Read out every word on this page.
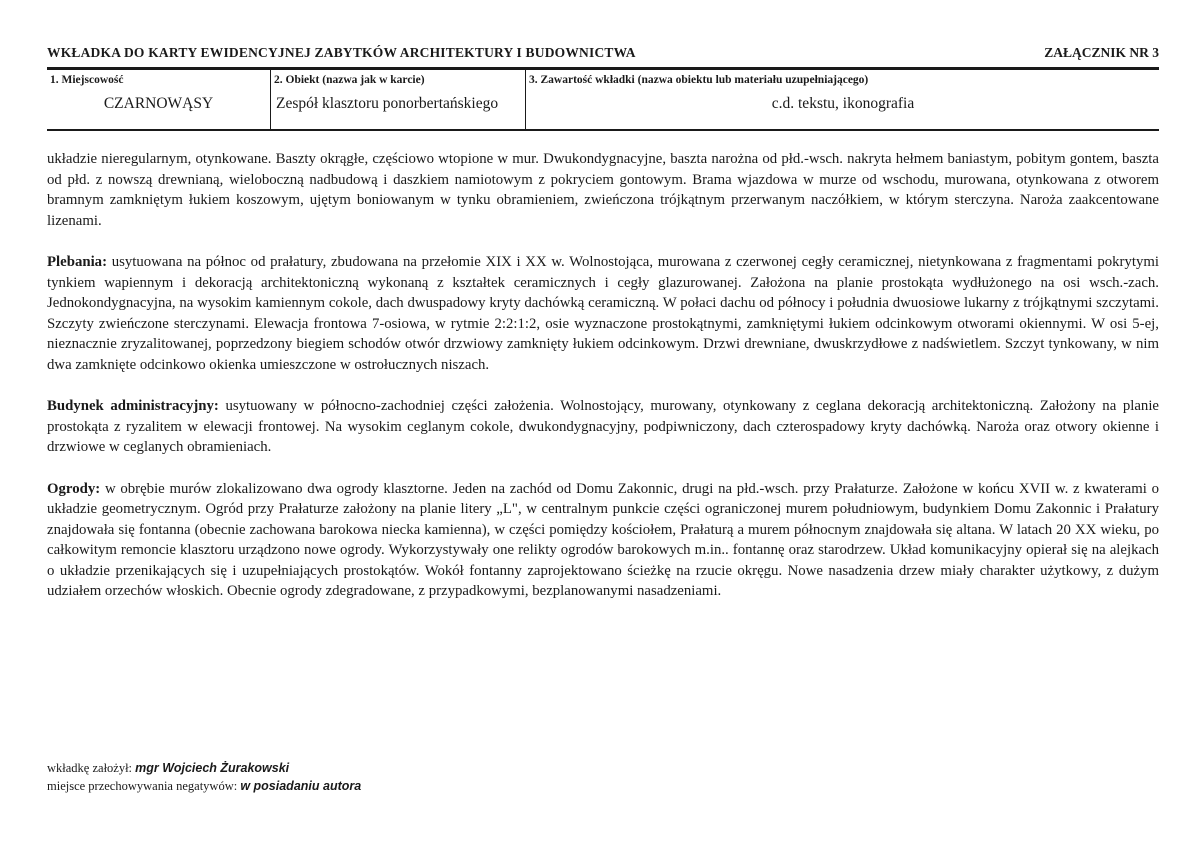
WKŁADKA DO KARTY EWIDENCYJNEJ ZABYTKÓW ARCHITEKTURY I BUDOWNICTWA	ZAŁĄCZNIK NR 3
1. Miejscowość
CZARNOWĄSY
2. Obiekt (nazwa jak w karcie)
Zespół klasztoru ponorbertańskiego
3. Zawartość wkładki (nazwa obiektu lub materiału uzupełniającego)
c.d. tekstu, ikonografia

układzie nieregularnym, otynkowane. Baszty okrągłe, częściowo wtopione w mur. Dwukondygnacyjne, baszta narożna od płd.-wsch. nakryta hełmem baniastym, pobitym gontem, baszta od płd. z nowszą drewnianą, wieloboczną nadbudową i daszkiem namiotowym z pokryciem gontowym. Brama wjazdowa w murze od wschodu, murowana, otynkowana z otworem bramnym zamkniętym łukiem koszowym, ujętym boniowanym w tynku obramieniem, zwieńczona trójkątnym przerwanym naczółkiem, w którym sterczyna. Naroża zaakcentowane lizenami.

Plebania: usytuowana na północ od prałatury, zbudowana na przełomie XIX i XX w. Wolnostojąca, murowana z czerwonej cegły ceramicznej, nietynkowana z fragmentami pokrytymi tynkiem wapiennym i dekoracją architektoniczną wykonaną z kształtek ceramicznych i cegły glazurowanej. Założona na planie prostokąta wydłużonego na osi wsch.-zach. Jednokondygnacyjna, na wysokim kamiennym cokole, dach dwuspadowy kryty dachówką ceramiczną. W połaci dachu od północy i południa dwuosiowe lukarny z trójkątnymi szczytami. Szczyty zwieńczone sterczynami. Elewacja frontowa 7-osiowa, w rytmie 2:2:1:2, osie wyznaczone prostokątnymi, zamkniętymi łukiem odcinkowym otworami okiennymi. W osi 5-ej, nieznacznie zryzalitowanej, poprzedzony biegiem schodów otwór drzwiowy zamknięty łukiem odcinkowym. Drzwi drewniane, dwuskrzydłowe z nadświetlem. Szczyt tynkowany, w nim dwa zamknięte odcinkowo okienka umieszczone w ostrołucznych niszach.

Budynek administracyjny: usytuowany w północno-zachodniej części założenia. Wolnostojący, murowany, otynkowany z ceglana dekoracją architektoniczną. Założony na planie prostokąta z ryzalitem w elewacji frontowej. Na wysokim ceglanym cokole, dwukondygnacyjny, podpiwniczony, dach czterospadowy kryty dachówką. Naroża oraz otwory okienne i drzwiowe w ceglanych obramieniach.

Ogrody: w obrębie murów zlokalizowano dwa ogrody klasztorne. Jeden na zachód od Domu Zakonnic, drugi na płd.-wsch. przy Prałaturze. Założone w końcu XVII w. z kwaterami o układzie geometrycznym. Ogród przy Prałaturze założony na planie litery „L", w centralnym punkcie części ograniczonej murem południowym, budynkiem Domu Zakonnic i Prałatury znajdowała się fontanna (obecnie zachowana barokowa niecka kamienna), w części pomiędzy kościołem, Prałaturą a murem północnym znajdowała się altana. W latach 20 XX wieku, po całkowitym remoncie klasztoru urządzono nowe ogrody. Wykorzystywały one relikty ogrodów barokowych m.in.. fontannę oraz starodrzew. Układ komunikacyjny opierał się na alejkach o układzie przenikających się i uzupełniających prostokątów. Wokół fontanny zaprojektowano ścieżkę na rzucie okręgu. Nowe nasadzenia drzew miały charakter użytkowy, z dużym udziałem orzechów włoskich. Obecnie ogrody zdegradowane, z przypadkowymi, bezplanowanymi nasadzeniami.

wkładkę założył: mgr Wojciech Żurakowski
miejsce przechowywania negatywów: w posiadaniu autora
